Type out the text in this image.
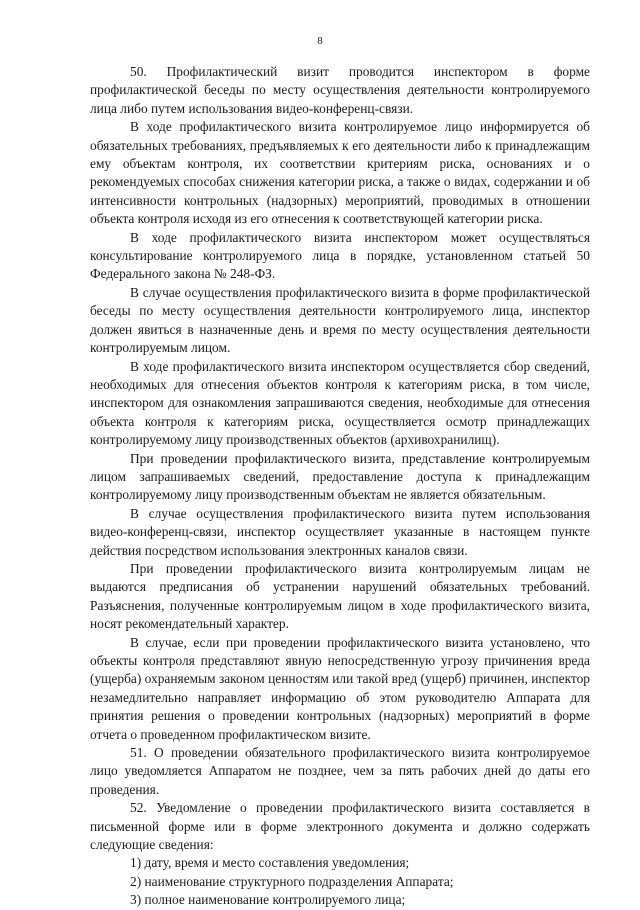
8

50. Профилактический визит проводится инспектором в форме профилактической беседы по месту осуществления деятельности контролируемого лица либо путем использования видео-конференц-связи.

В ходе профилактического визита контролируемое лицо информируется об обязательных требованиях, предъявляемых к его деятельности либо к принадлежащим ему объектам контроля, их соответствии критериям риска, основаниях и о рекомендуемых способах снижения категории риска, а также о видах, содержании и об интенсивности контрольных (надзорных) мероприятий, проводимых в отношении объекта контроля исходя из его отнесения к соответствующей категории риска.

В ходе профилактического визита инспектором может осуществляться консультирование контролируемого лица в порядке, установленном статьей 50 Федерального закона № 248-ФЗ.

В случае осуществления профилактического визита в форме профилактической беседы по месту осуществления деятельности контролируемого лица, инспектор должен явиться в назначенные день и время по месту осуществления деятельности контролируемым лицом.

В ходе профилактического визита инспектором осуществляется сбор сведений, необходимых для отнесения объектов контроля к категориям риска, в том числе, инспектором для ознакомления запрашиваются сведения, необходимые для отнесения объекта контроля к категориям риска, осуществляется осмотр принадлежащих контролируемому лицу производственных объектов (архивохранилищ).

При проведении профилактического визита, представление контролируемым лицом запрашиваемых сведений, предоставление доступа к принадлежащим контролируемому лицу производственным объектам не является обязательным.

В случае осуществления профилактического визита путем использования видео-конференц-связи, инспектор осуществляет указанные в настоящем пункте действия посредством использования электронных каналов связи.

При проведении профилактического визита контролируемым лицам не выдаются предписания об устранении нарушений обязательных требований. Разъяснения, полученные контролируемым лицом в ходе профилактического визита, носят рекомендательный характер.

В случае, если при проведении профилактического визита установлено, что объекты контроля представляют явную непосредственную угрозу причинения вреда (ущерба) охраняемым законом ценностям или такой вред (ущерб) причинен, инспектор незамедлительно направляет информацию об этом руководителю Аппарата для принятия решения о проведении контрольных (надзорных) мероприятий в форме отчета о проведенном профилактическом визите.

51. О проведении обязательного профилактического визита контролируемое лицо уведомляется Аппаратом не позднее, чем за пять рабочих дней до даты его проведения.

52. Уведомление о проведении профилактического визита составляется в письменной форме или в форме электронного документа и должно содержать следующие сведения:

1) дату, время и место составления уведомления;

2) наименование структурного подразделения Аппарата;

3) полное наименование контролируемого лица;
